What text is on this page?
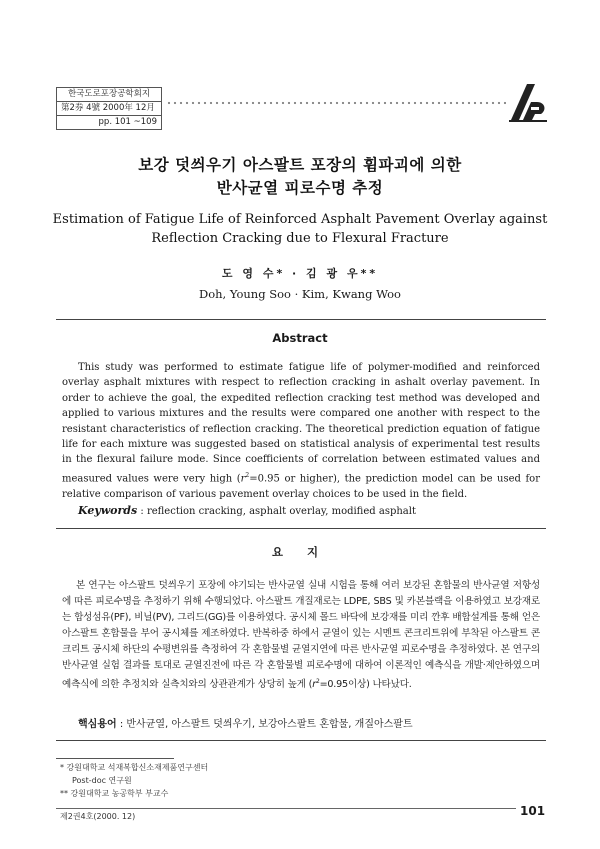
한국도로포장공학회지
第2券 4號 2000年 12月
pp. 101 ~109
보강 덧씌우기 아스팔트 포장의 휨파괴에 의한
반사균열 피로수명 추정
Estimation of Fatigue Life of Reinforced Asphalt Pavement Overlay against
Reflection Cracking due to Flexural Fracture
도 영 수* · 김 광 우**
Doh, Young Soo · Kim, Kwang Woo
Abstract

This study was performed to estimate fatigue life of polymer-modified and reinforced overlay asphalt mixtures with respect to reflection cracking in ashalt overlay pavement. In order to achieve the goal, the expedited reflection cracking test method was developed and applied to various mixtures and the results were compared one another with respect to the resistant characteristics of reflection cracking. The theoretical prediction equation of fatigue life for each mixture was suggested based on statistical analysis of experimental test results in the flexural failure mode. Since coefficients of correlation between estimated values and measured values were very high ($r^2=0.95$ or higher), the prediction model can be used for relative comparison of various pavement overlay choices to be used in the field.

Keywords : reflection cracking, asphalt overlay, modified asphalt
요 지

본 연구는 아스팔트 덧씌우기 포장에 야기되는 반사균열 실내 시험을 통해 여러 보강된 혼합물의 반사균열 저항성에 따른 피로수명을 추정하기 위해 수행되었다. 아스팔트 개질재로는 LDPE, SBS 및 카본블랙을 이용하였고 보강재로는 합성섬유(PF), 비닐(PV), 그리드(GG)를 이용하였다. 공시체 몰드 바닥에 보강재를 미리 깐후 배합설계를 통해 얻은 아스팔트 혼합물을 부어 공시체를 제조하였다. 반복하중 하에서 균열이 있는 시멘트 콘크리트위에 부착된 아스팔트 콘크리트 공시체 하단의 수평변위를 측정하여 각 혼합물별 균열지연에 따른 반사균열 피로수명을 추정하였다. 본 연구의 반사균열 실험 결과를 토대로 균열진전에 따른 각 혼합물별 피로수명에 대하여 이론적인 예측식을 개발·제안하였으며 예측식에 의한 추정치와 실측치와의 상관관계가 상당히 높게 ($r^2=0.95$이상) 나타났다.

핵심용어 : 반사균열, 아스팔트 덧씌우기, 보강아스팔트 혼합물, 개질아스팔트
* 강원대학교 석재복합신소재제품연구센터
Post-doc 연구원
** 강원대학교 농공학부 부교수
제2권4호(2000. 12)	101
